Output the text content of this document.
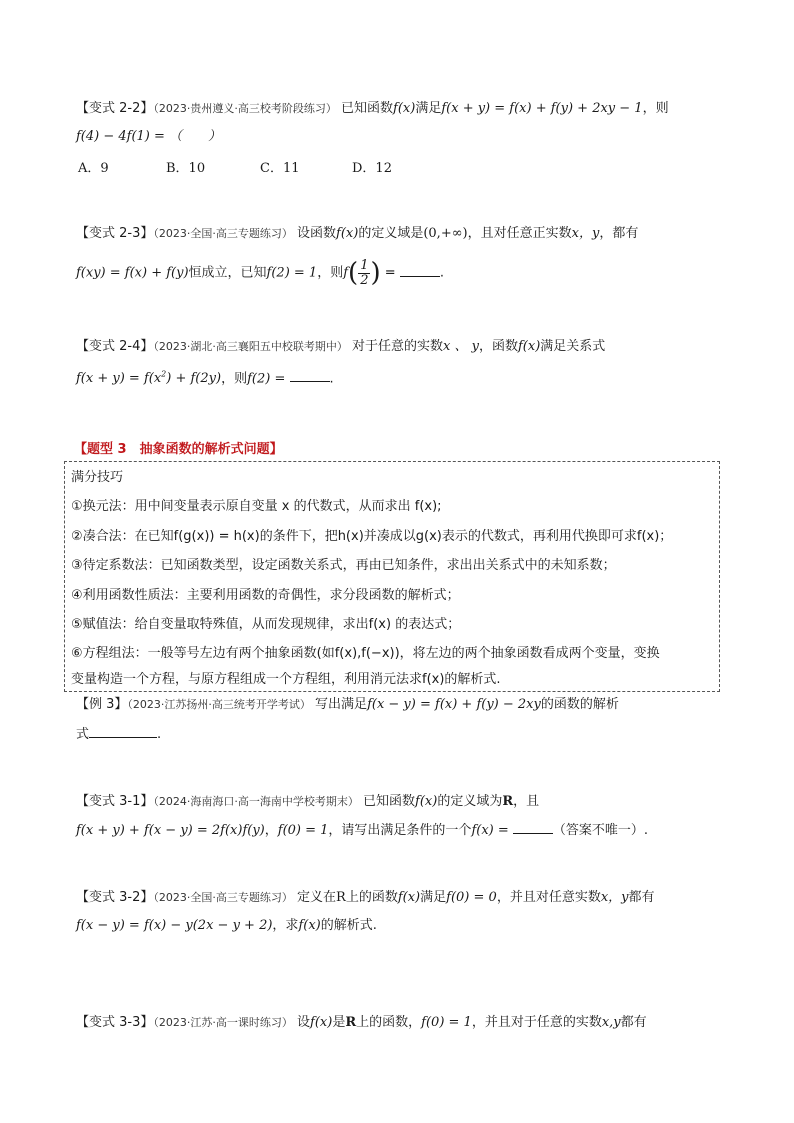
【变式 2-2】（2023·贵州遵义·高三校考阶段练习） 已知函数f(x)满足f(x + y) = f(x) + f(y) + 2xy − 1，则
f(4) − 4f(1) = （　　）
A．9	B．10	C．11	D．12
【变式 2-3】（2023·全国·高三专题练习） 设函数f(x)的定义域是(0,+∞)，且对任意正实数x，y，都有
f(xy) = f(x) + f(y)恒成立，已知f(2) = 1，则$f( \frac{1}{2}$ ) =	.
【变式 2-4】（2023·湖北·高三襄阳五中校联考期中） 对于任意的实数x 、 y，函数f(x)满足关系式
$f(x + y) = f(x^2) + f(2y)$，则f(2) =	.
【题型 3　抽象函数的解析式问题】
满分技巧
①换元法：用中间变量表示原自变量 x 的代数式，从而求出 f(x);
②凑合法：在已知f(g(x)) = h(x)的条件下，把h(x)并凑成以g(x)表示的代数式，再利用代换即可求f(x)；
③待定系数法：已知函数类型，设定函数关系式，再由已知条件，求出出关系式中的未知系数；
④利用函数性质法：主要利用函数的奇偶性，求分段函数的解析式；
⑤赋值法：给自变量取特殊值，从而发现规律，求出f(x) 的表达式；
⑥方程组法：一般等号左边有两个抽象函数(如f(x),f(−x))，将左边的两个抽象函数看成两个变量，变换
变量构造一个方程，与原方程组成一个方程组，利用消元法求f(x)的解析式.
【例 3】（2023·江苏扬州·高三统考开学考试） 写出满足f(x − y) = f(x) + f(y) − 2xy的函数的解析
式	.
【变式 3-1】（2024·海南海口·高一海南中学校考期末） 已知函数f(x)的定义域为R，且
f(x + y) + f(x − y) = 2f(x)f(y)，f(0) = 1，请写出满足条件的一个f(x) =	（答案不唯一）.
【变式 3-2】（2023·全国·高三专题练习） 定义在R上的函数f(x)满足f(0) = 0，并且对任意实数x，y都有
f(x − y) = f(x) − y(2x − y + 2)，求f(x)的解析式.
【变式 3-3】（2023·江苏·高一课时练习） 设f(x)是R上的函数，f(0) = 1，并且对于任意的实数x,y都有
